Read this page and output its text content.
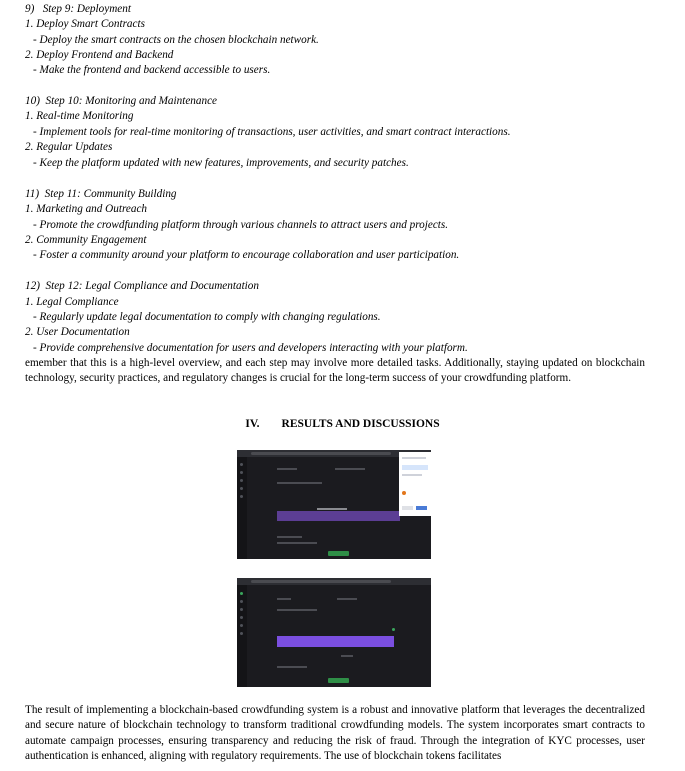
9)   Step 9: Deployment
1. Deploy Smart Contracts
- Deploy the smart contracts on the chosen blockchain network.
2. Deploy Frontend and Backend
- Make the frontend and backend accessible to users.
10)  Step 10: Monitoring and Maintenance
1. Real-time Monitoring
- Implement tools for real-time monitoring of transactions, user activities, and smart contract interactions.
2. Regular Updates
- Keep the platform updated with new features, improvements, and security patches.
11)  Step 11: Community Building
1. Marketing and Outreach
- Promote the crowdfunding platform through various channels to attract users and projects.
2. Community Engagement
- Foster a community around your platform to encourage collaboration and user participation.
12)  Step 12: Legal Compliance and Documentation
1. Legal Compliance
- Regularly update legal documentation to comply with changing regulations.
2. User Documentation
- Provide comprehensive documentation for users and developers interacting with your platform.
emember that this is a high-level overview, and each step may involve more detailed tasks. Additionally, staying updated on blockchain technology, security practices, and regulatory changes is crucial for the long-term success of your crowdfunding platform.
IV. RESULTS AND DISCUSSIONS
The result of implementing a blockchain-based crowdfunding system is a robust and innovative platform that leverages the decentralized and secure nature of blockchain technology to transform traditional crowdfunding models. The system incorporates smart contracts to automate campaign processes, ensuring transparency and reducing the risk of fraud. Through the integration of KYC processes, user authentication is enhanced, aligning with regulatory requirements. The use of blockchain tokens facilitates
